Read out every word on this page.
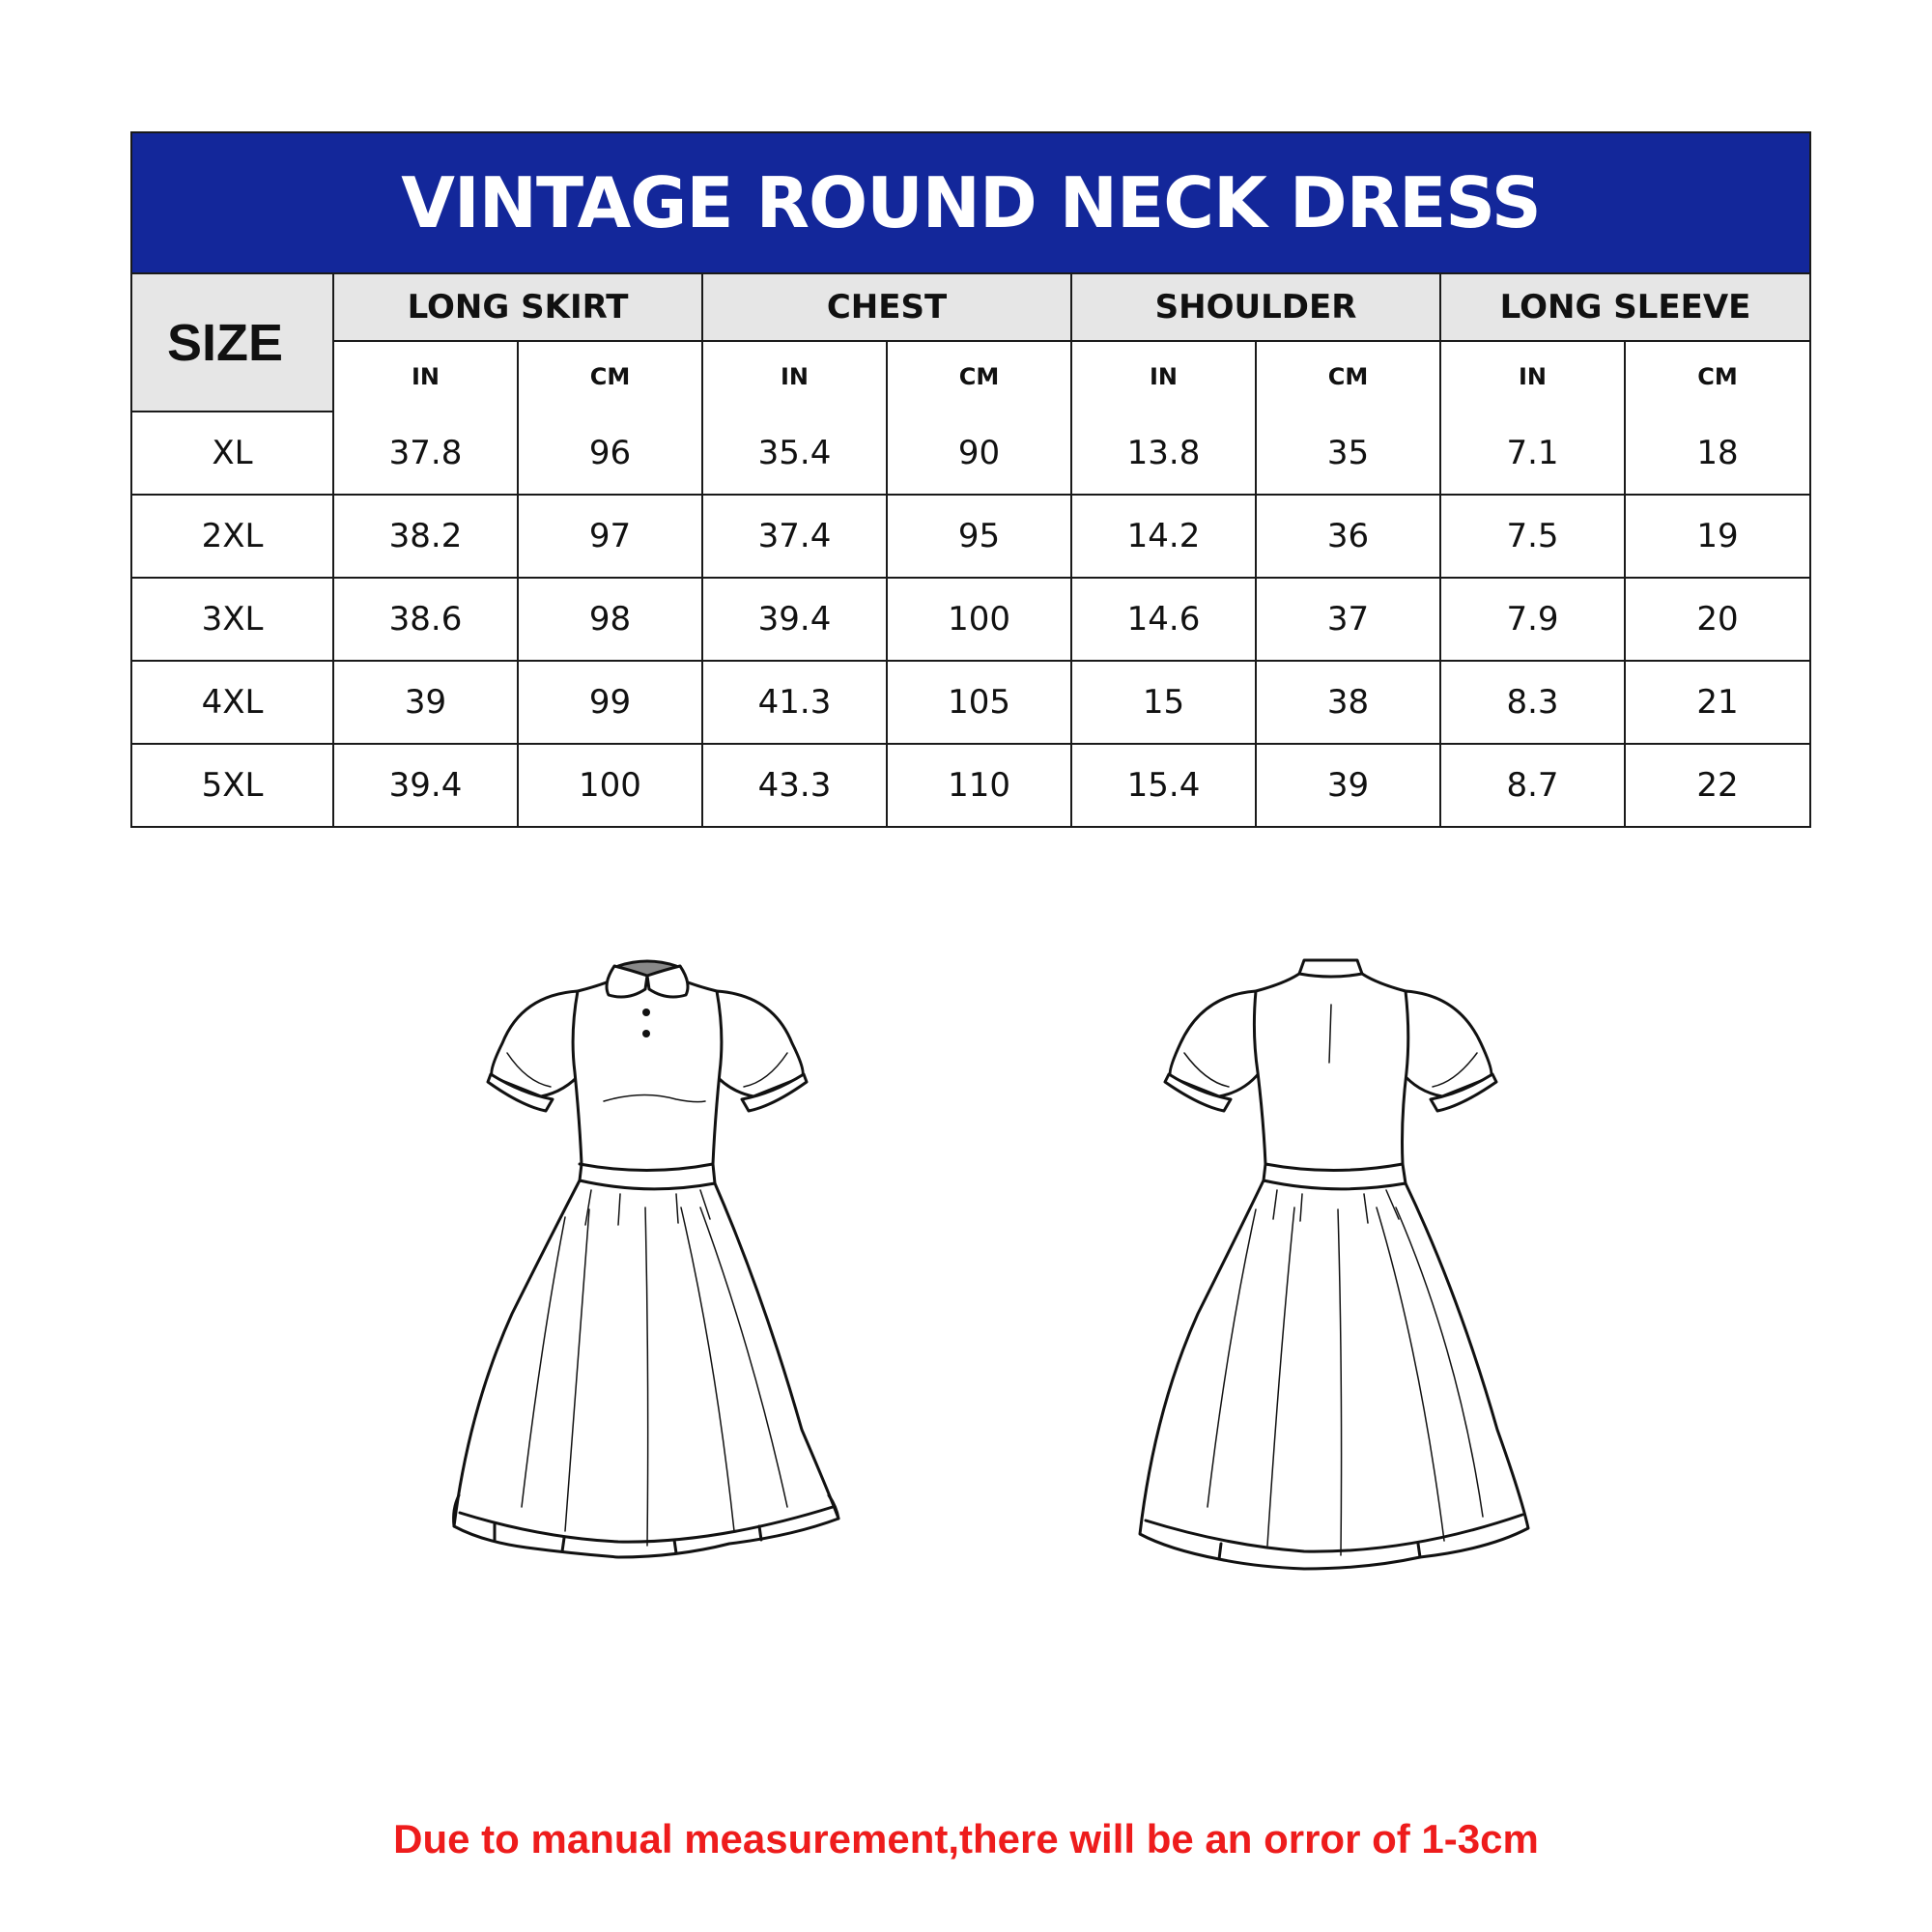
VINTAGE ROUND NECK DRESS
SIZE	LONG SKIRT		CHEST		SHOULDER		LONG SLEEVE	
	IN	CM	IN	CM	IN	CM	IN	CM
XL	37.8	96	35.4	90	13.8	35	7.1	18
2XL	38.2	97	37.4	95	14.2	36	7.5	19
3XL	38.6	98	39.4	100	14.6	37	7.9	20
4XL	39	99	41.3	105	15	38	8.3	21
5XL	39.4	100	43.3	110	15.4	39	8.7	22
Due to manual measurement,there will be an orror of 1-3cm
